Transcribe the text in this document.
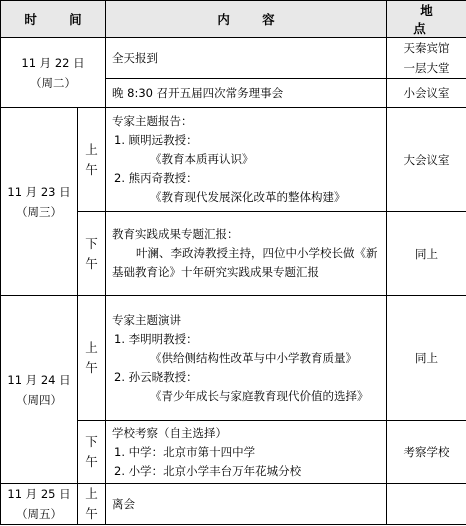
时 间		内 容	地 点

11 月 22 日
（周二）		全天报到	天秦宾馆一层大堂

		晚 8:30 召开五届四次常务理事会	小会议室

11 月 23 日
（周三）	上午	专家主题报告：
1. 顾明远教授：
《教育本质再认识》
2. 熊丙奇教授：
《教育现代发展深化改革的整体构建》	大会议室
	下午	教育实践成果专题汇报：
叶澜、李政涛教授主持，四位中小学校长做《新基础教育论》十年研究实践成果专题汇报	同上

11 月 24 日
（周四）	上午	专家主题演讲
1. 李明明教授：
《供给侧结构性改革与中小学教育质量》
2. 孙云晓教授：
《青少年成长与家庭教育现代价值的选择》	同上
	下午	学校考察（自主选择）
1. 中学：北京市第十四中学
2. 小学：北京小学丰台万年花城分校	考察学校

11 月 25 日
（周五）	上午	离会	
